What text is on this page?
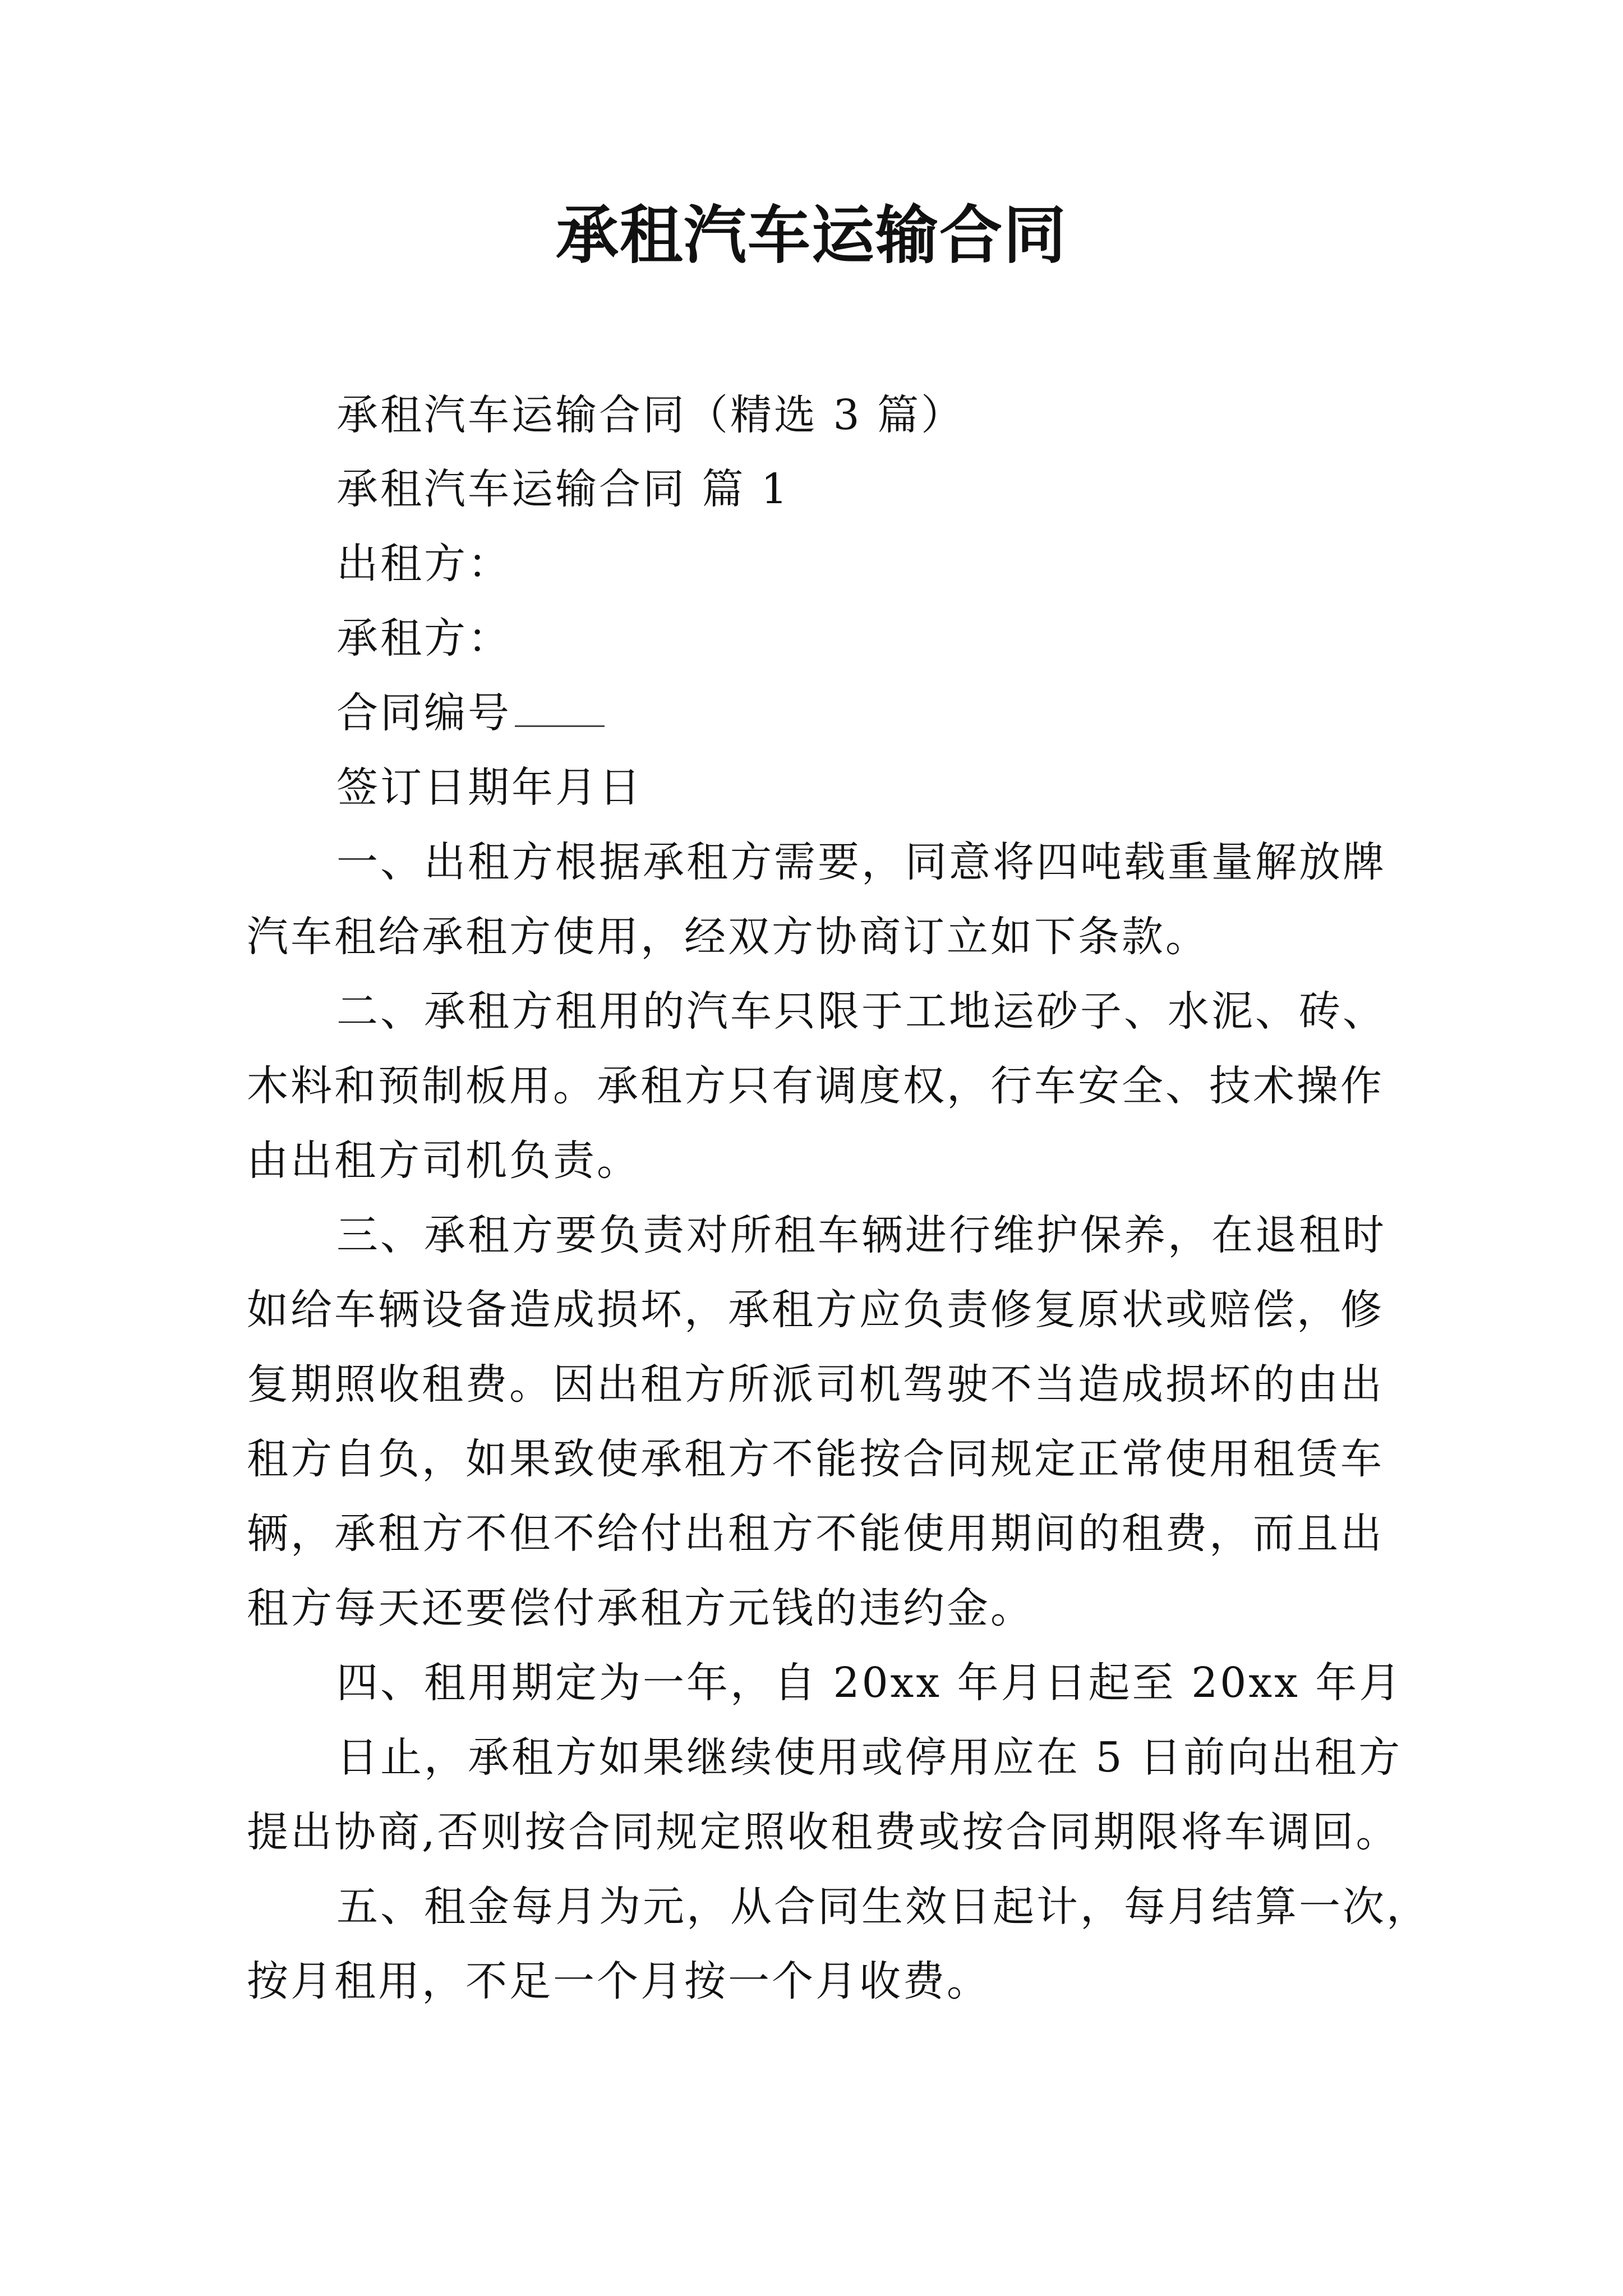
承租汽车运输合同
承租汽车运输合同（精选 3 篇）
承租汽车运输合同 篇 1
出租方：
承租方：
合同编号
签订日期年月日
一、出租方根据承租方需要，同意将四吨载重量解放牌
汽车租给承租方使用，经双方协商订立如下条款。
二、承租方租用的汽车只限于工地运砂子、水泥、砖、
木料和预制板用。承租方只有调度权，行车安全、技术操作
由出租方司机负责。
三、承租方要负责对所租车辆进行维护保养，在退租时
如给车辆设备造成损坏，承租方应负责修复原状或赔偿，修
复期照收租费。因出租方所派司机驾驶不当造成损坏的由出
租方自负，如果致使承租方不能按合同规定正常使用租赁车
辆，承租方不但不给付出租方不能使用期间的租费，而且出
租方每天还要偿付承租方元钱的违约金。
四、租用期定为一年，自 20xx 年月日起至 20xx 年月
日止，承租方如果继续使用或停用应在 5 日前向出租方
提出协商,否则按合同规定照收租费或按合同期限将车调回。
五、租金每月为元，从合同生效日起计，每月结算一次，
按月租用，不足一个月按一个月收费。
